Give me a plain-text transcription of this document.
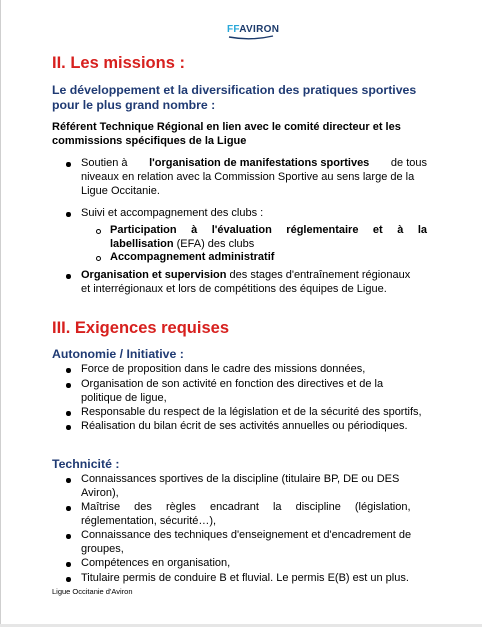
FFAVIRON
II. Les missions :
Le développement et la diversification des pratiques sportives
pour le plus grand nombre :
Référent Technique Régional en lien avec le comité directeur et les
commissions spécifiques de la Ligue
Soutien à l'organisation de manifestations sportives de tous
niveaux en relation avec la Commission Sportive au sens large de la
Ligue Occitanie.
Suivi et accompagnement des clubs :
Participation à l'évaluation réglementaire et à la
labellisation (EFA) des clubs
Accompagnement administratif
Organisation et supervision des stages d'entraînement régionaux
et interrégionaux et lors de compétitions des équipes de Ligue.
III. Exigences requises
Autonomie / Initiative :
Force de proposition dans le cadre des missions données,
Organisation de son activité en fonction des directives et de la
politique de ligue,
Responsable du respect de la législation et de la sécurité des sportifs,
Réalisation du bilan écrit de ses activités annuelles ou périodiques.
Technicité :
Connaissances sportives de la discipline (titulaire BP, DE ou DES
Aviron),
Maîtrise des règles encadrant la discipline (législation,
réglementation, sécurité…),
Connaissance des techniques d'enseignement et d'encadrement de
groupes,
Compétences en organisation,
Titulaire permis de conduire B et fluvial. Le permis E(B) est un plus.
Ligue Occitanie d'Aviron
